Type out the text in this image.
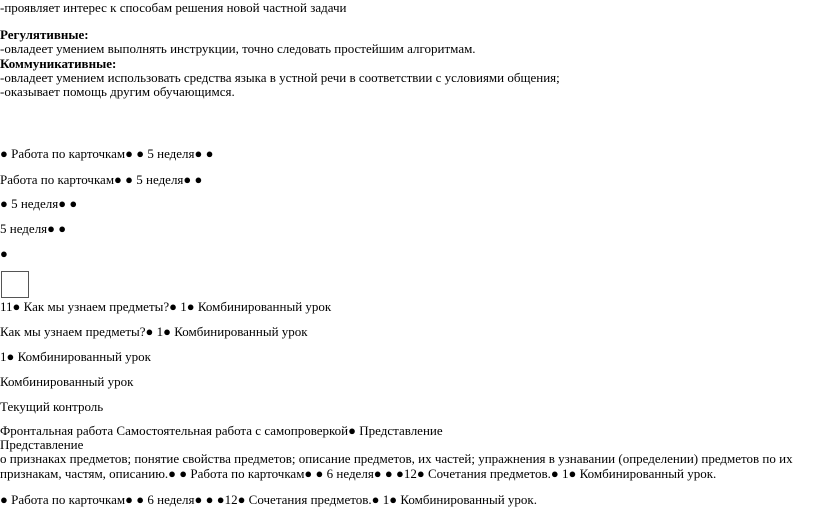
-проявляет интерес к способам решения новой частной задачи
Регулятивные:
-овладеет умением выполнять инструкции, точно следовать простейшим алгоритмам.
Коммуникативные:
-овладеет умением использовать средства языка в устной речи в соответствии с условиями общения;
-оказывает помощь другим обучающимся.
● Работа по карточкам● ● 5 неделя● ●
Работа по карточкам● ● 5 неделя● ●
● 5 неделя● ●
5 неделя● ●
●
11● Как мы узнаем предметы?● 1● Комбинированный урок
Как мы узнаем предметы?● 1● Комбинированный урок
1● Комбинированный урок
Комбинированный урок
Текущий контроль
Фронтальная работа Самостоятельная работа с самопроверкой● Представление
Представление
о признаках предметов; понятие свойства предметов; описание предметов, их частей; упражнения в узнавании (определении) предметов по их признакам, частям, описанию.● ● Работа по карточкам● ● 6 неделя● ● ●12● Сочетания предметов.● 1● Комбинированный урок.
● Работа по карточкам● ● 6 неделя● ● ●12● Сочетания предметов.● 1● Комбинированный урок.
